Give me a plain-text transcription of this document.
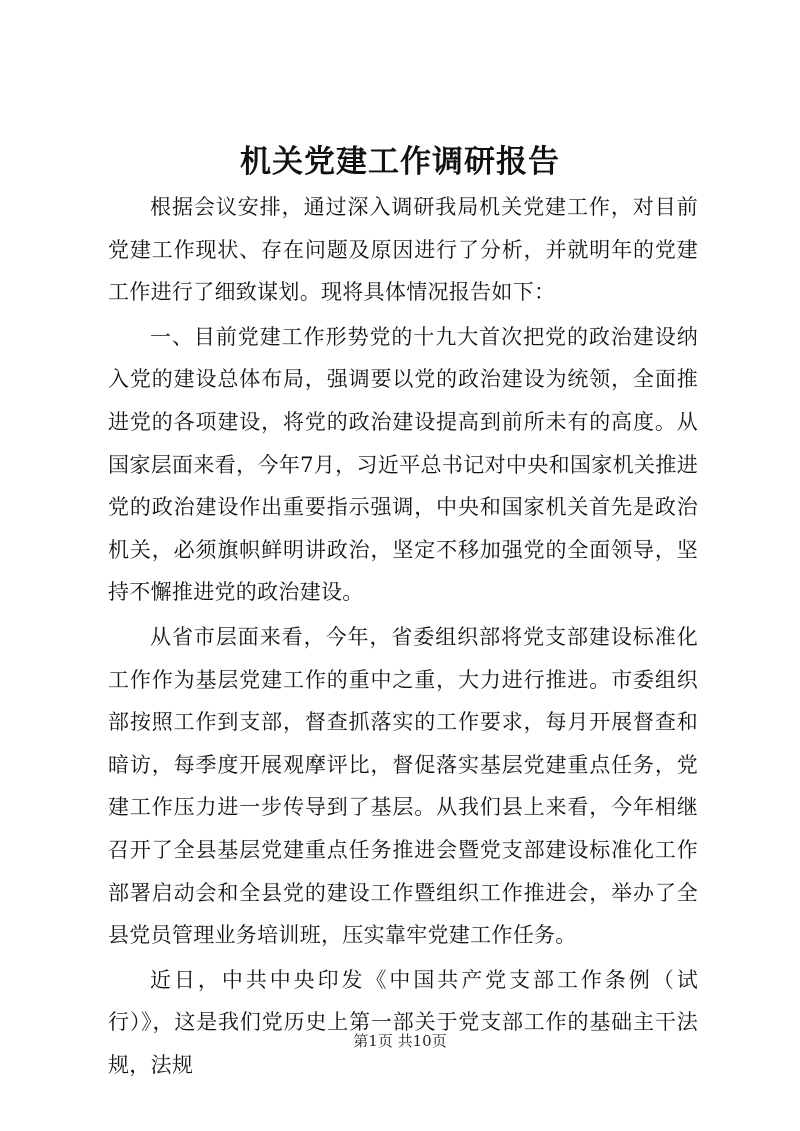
机关党建工作调研报告

根据会议安排，通过深入调研我局机关党建工作，对目前党建工作现状、存在问题及原因进行了分析，并就明年的党建工作进行了细致谋划。现将具体情况报告如下：

一、目前党建工作形势党的十九大首次把党的政治建设纳入党的建设总体布局，强调要以党的政治建设为统领，全面推进党的各项建设，将党的政治建设提高到前所未有的高度。从国家层面来看，今年7月，习近平总书记对中央和国家机关推进党的政治建设作出重要指示强调，中央和国家机关首先是政治机关，必须旗帜鲜明讲政治，坚定不移加强党的全面领导，坚持不懈推进党的政治建设。

从省市层面来看，今年，省委组织部将党支部建设标准化工作作为基层党建工作的重中之重，大力进行推进。市委组织部按照工作到支部，督查抓落实的工作要求，每月开展督查和暗访，每季度开展观摩评比，督促落实基层党建重点任务，党建工作压力进一步传导到了基层。从我们县上来看，今年相继召开了全县基层党建重点任务推进会暨党支部建设标准化工作部署启动会和全县党的建设工作暨组织工作推进会，举办了全县党员管理业务培训班，压实靠牢党建工作任务。

近日，中共中央印发《中国共产党支部工作条例（试行）》，这是我们党历史上第一部关于党支部工作的基础主干法规，法规

第1页 共10页
